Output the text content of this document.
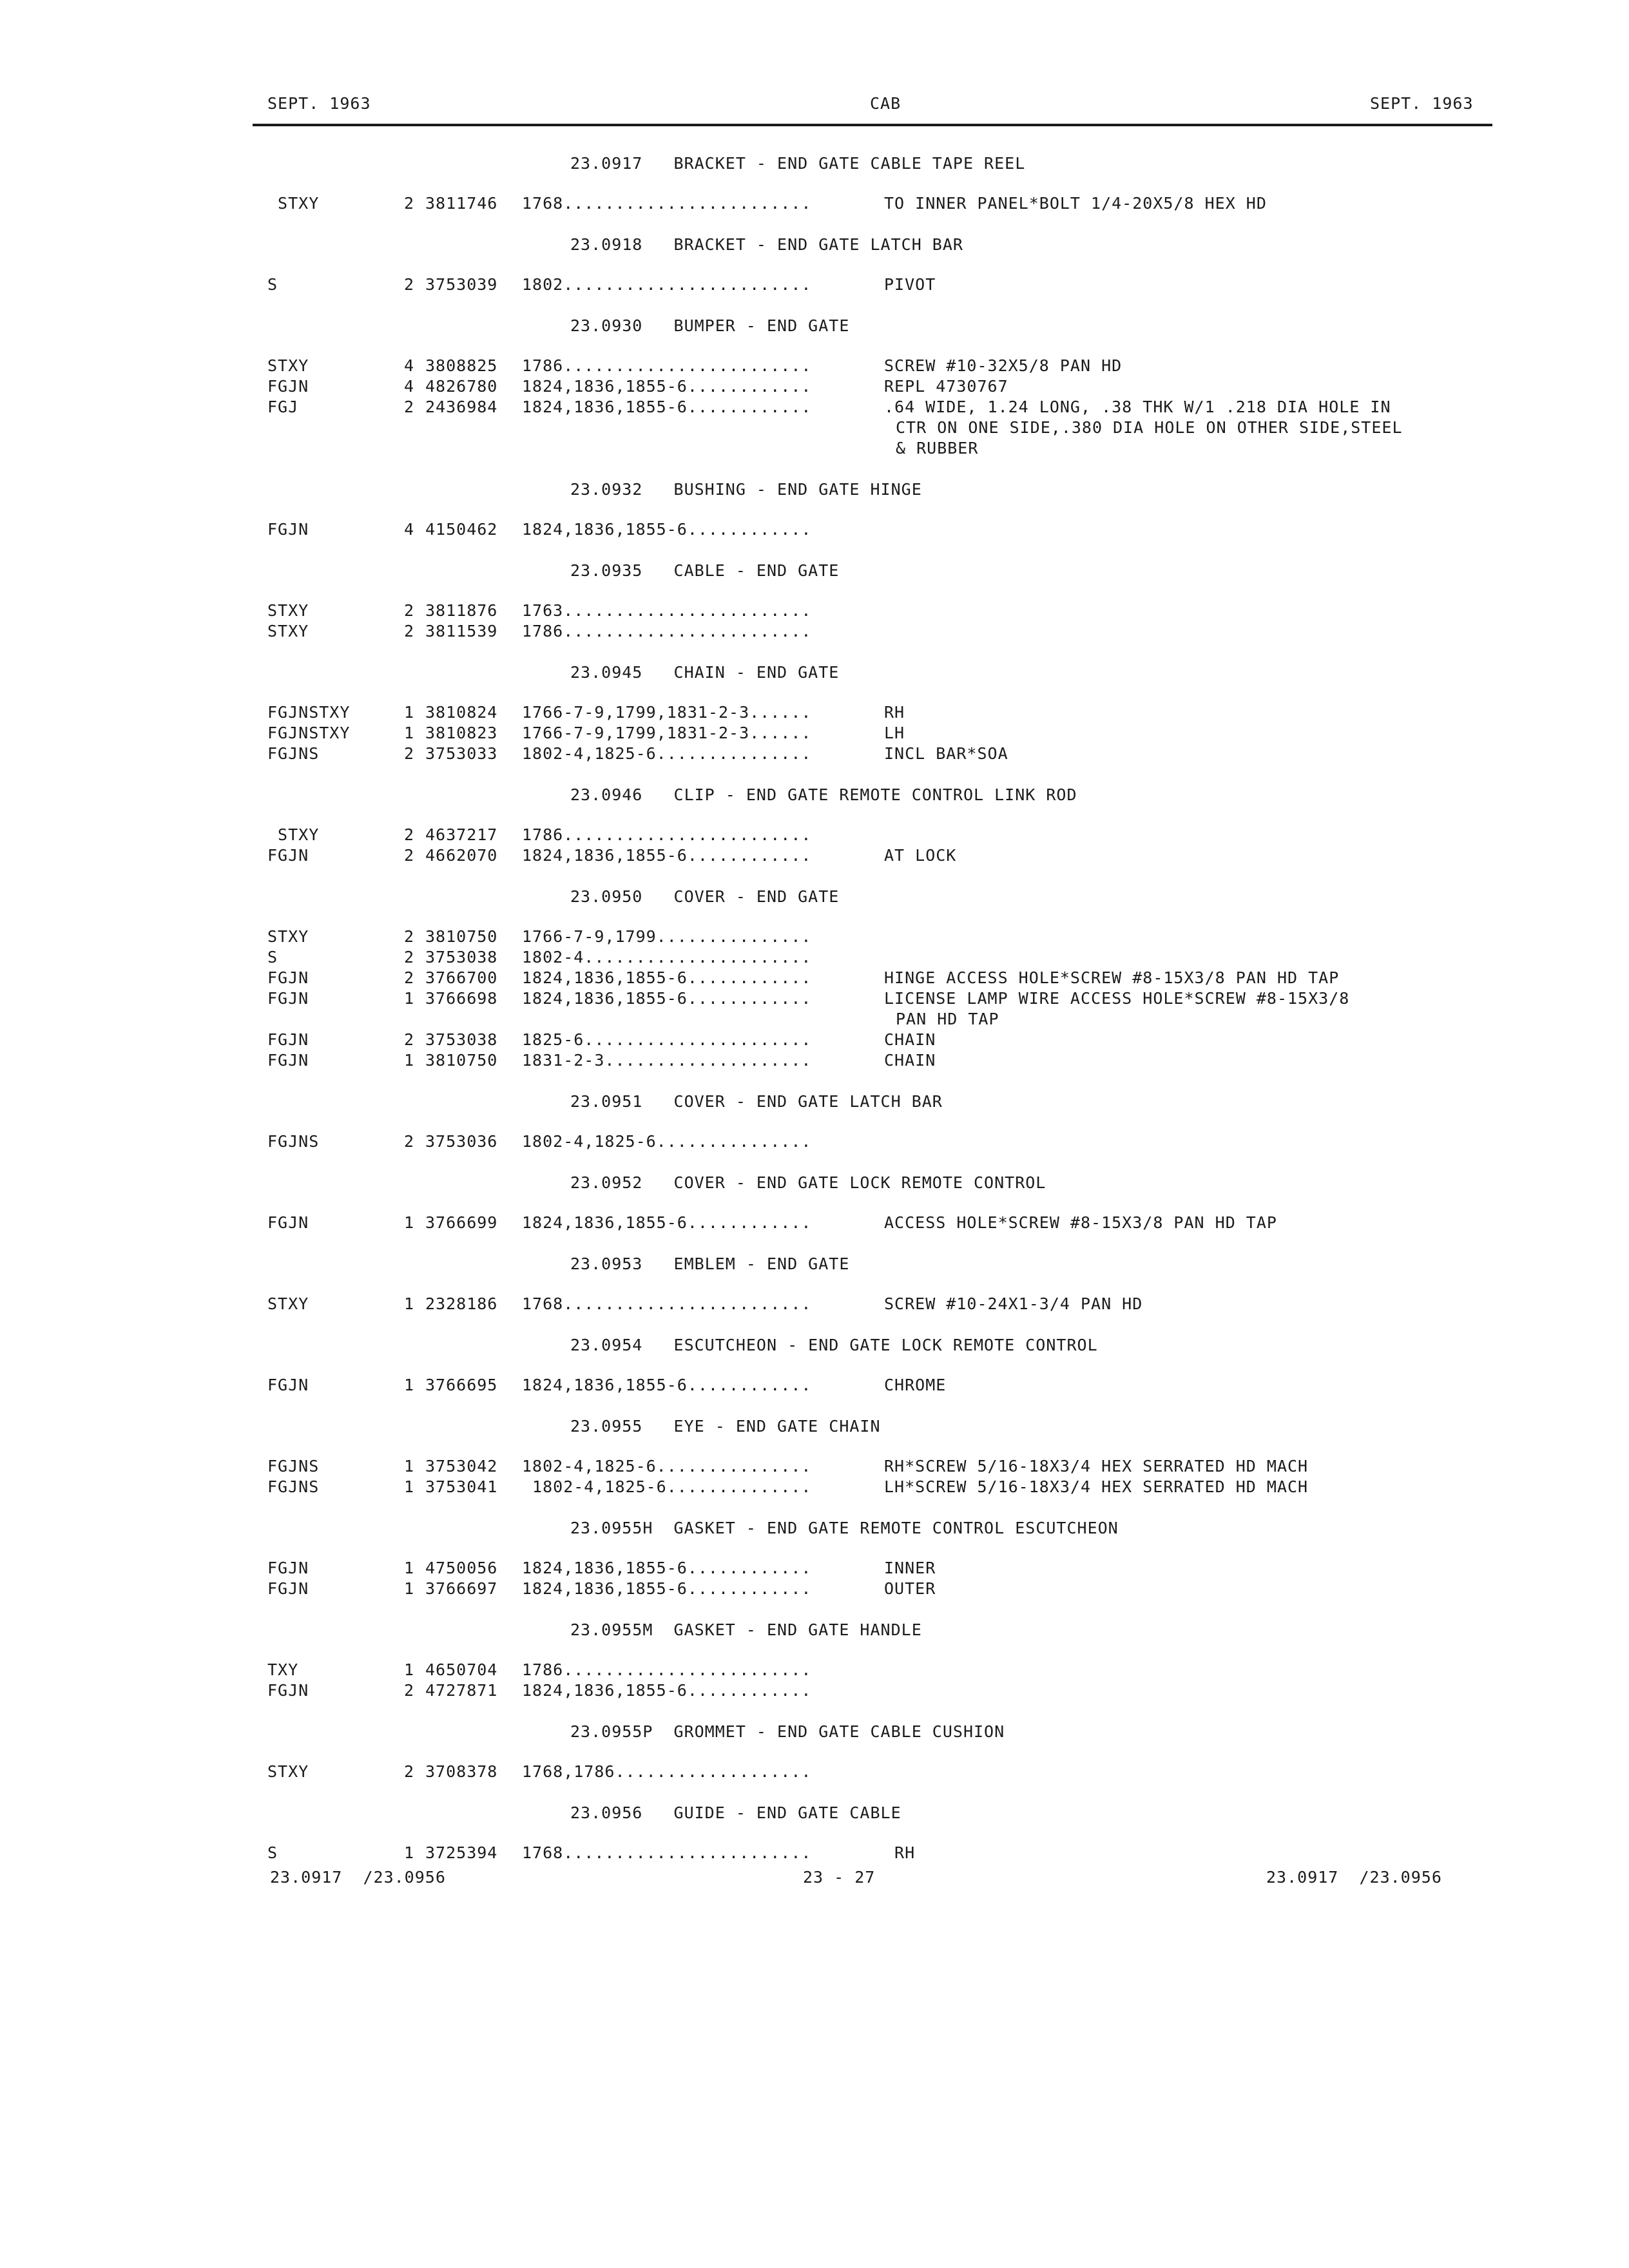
SEPT. 1963	CAB	SEPT. 1963
23.0917   BRACKET - END GATE CABLE TAPE REEL
STXY	2 3811746 1768........................	TO INNER PANEL*BOLT 1/4-20X5/8 HEX HD
23.0918   BRACKET - END GATE LATCH BAR
S	2 3753039 1802........................	PIVOT
23.0930   BUMPER - END GATE
STXY	4 3808825 1786........................	SCREW #10-32X5/8 PAN HD
FGJN	4 4826780 1824,1836,1855-6............	REPL 4730767
FGJ	2 2436984 1824,1836,1855-6............	.64 WIDE, 1.24 LONG, .38 THK W/1 .218 DIA HOLE IN
CTR ON ONE SIDE,.380 DIA HOLE ON OTHER SIDE,STEEL
& RUBBER
23.0932   BUSHING - END GATE HINGE
FGJN	4 4150462 1824,1836,1855-6............
23.0935   CABLE - END GATE
STXY	2 3811876 1763........................
STXY	2 3811539 1786........................
23.0945   CHAIN - END GATE
FGJNSTXY	1 3810824 1766-7-9,1799,1831-2-3......	RH
FGJNSTXY	1 3810823 1766-7-9,1799,1831-2-3......	LH
FGJNS	2 3753033 1802-4,1825-6...............	INCL BAR*SOA
23.0946   CLIP - END GATE REMOTE CONTROL LINK ROD
STXY	2 4637217 1786........................
FGJN	2 4662070 1824,1836,1855-6............	AT LOCK
23.0950   COVER - END GATE
STXY	2 3810750 1766-7-9,1799...............
S	2 3753038 1802-4......................
FGJN	2 3766700 1824,1836,1855-6............	HINGE ACCESS HOLE*SCREW #8-15X3/8 PAN HD TAP
FGJN	1 3766698 1824,1836,1855-6............	LICENSE LAMP WIRE ACCESS HOLE*SCREW #8-15X3/8
PAN HD TAP
FGJN	2 3753038 1825-6......................	CHAIN
FGJN	1 3810750 1831-2-3....................	CHAIN
23.0951   COVER - END GATE LATCH BAR
FGJNS	2 3753036 1802-4,1825-6...............
23.0952   COVER - END GATE LOCK REMOTE CONTROL
FGJN	1 3766699 1824,1836,1855-6............	ACCESS HOLE*SCREW #8-15X3/8 PAN HD TAP
23.0953   EMBLEM - END GATE
STXY	1 2328186 1768........................	SCREW #10-24X1-3/4 PAN HD
23.0954   ESCUTCHEON - END GATE LOCK REMOTE CONTROL
FGJN	1 3766695 1824,1836,1855-6............	CHROME
23.0955   EYE - END GATE CHAIN
FGJNS	1 3753042 1802-4,1825-6...............	RH*SCREW 5/16-18X3/4 HEX SERRATED HD MACH
FGJNS	1 3753041 1802-4,1825-6..............	LH*SCREW 5/16-18X3/4 HEX SERRATED HD MACH
23.0955H  GASKET - END GATE REMOTE CONTROL ESCUTCHEON
FGJN	1 4750056 1824,1836,1855-6............	INNER
FGJN	1 3766697 1824,1836,1855-6............	OUTER
23.0955M  GASKET - END GATE HANDLE
TXY	1 4650704 1786........................
FGJN	2 4727871 1824,1836,1855-6............
23.0955P  GROMMET - END GATE CABLE CUSHION
STXY	2 3708378 1768,1786...................
23.0956   GUIDE - END GATE CABLE
S	1 3725394 1768........................	RH
23.0917  /23.0956	23 - 27	23.0917  /23.0956
